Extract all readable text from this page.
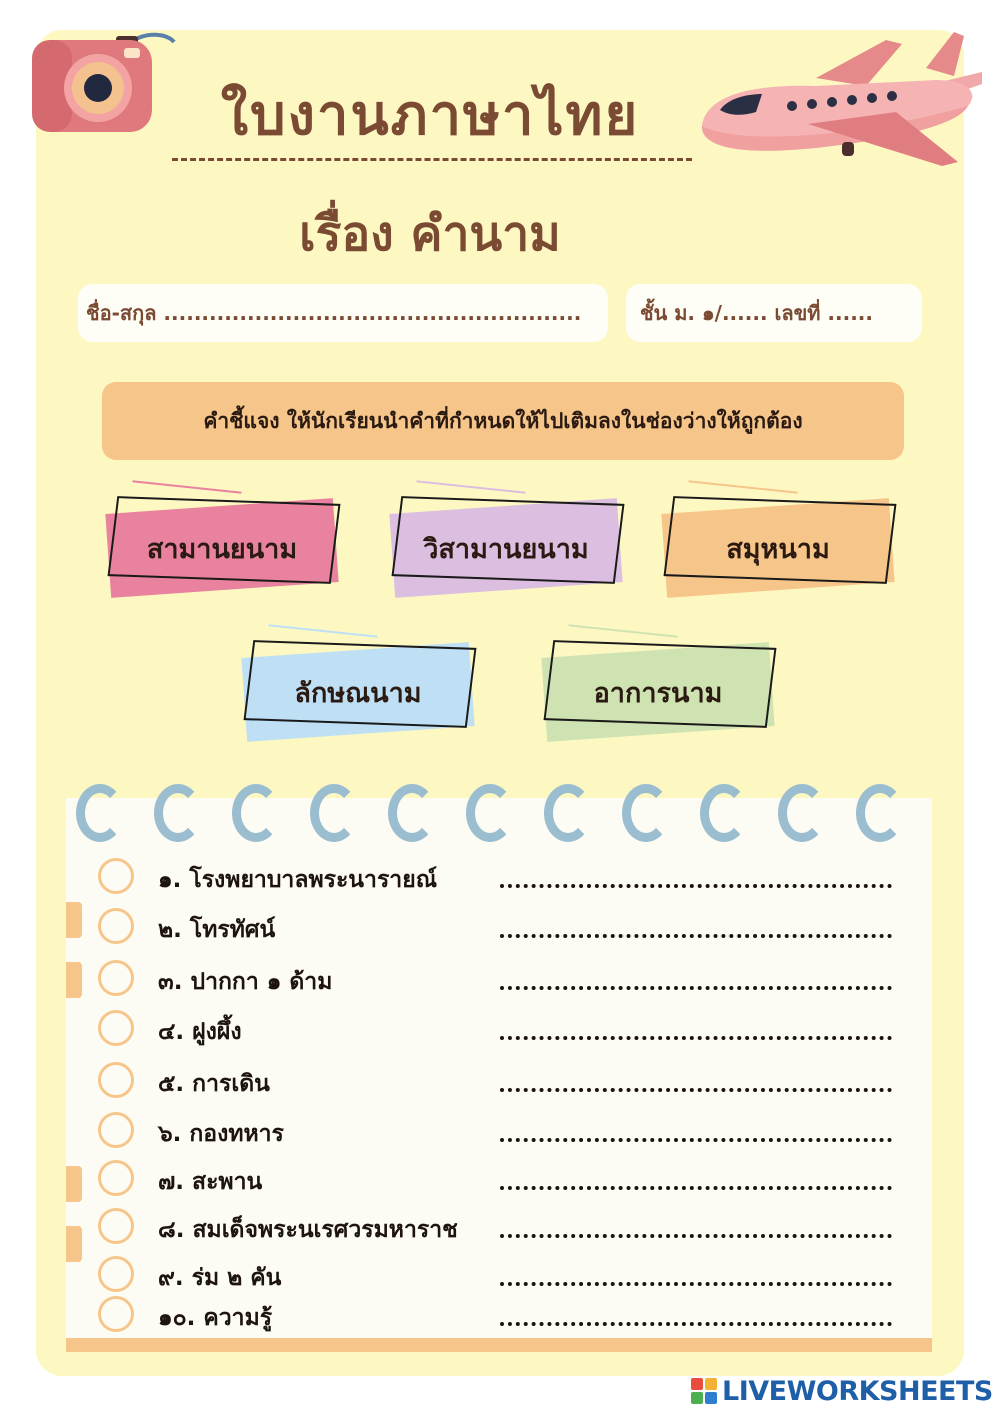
ใบงานภาษาไทย
เรื่อง คำนาม
ชื่อ-สกุล .......................................................	ชั้น ม. ๑/...... เลขที่ ......
คำชี้แจง ให้นักเรียนนำคำที่กำหนดให้ไปเติมลงในช่องว่างให้ถูกต้อง
สามานยนาม	วิสามานยนาม	สมุหนาม
ลักษณนาม	อาการนาม
๑. โรงพยาบาลพระนารายณ์
๒. โทรทัศน์
๓. ปากกา ๑ ด้าม
๔. ฝูงผึ้ง
๕. การเดิน
๖. กองทหาร
๗. สะพาน
๘. สมเด็จพระนเรศวรมหาราช
๙. ร่ม ๒ คัน
๑๐. ความรู้
LIVEWORKSHEETS
